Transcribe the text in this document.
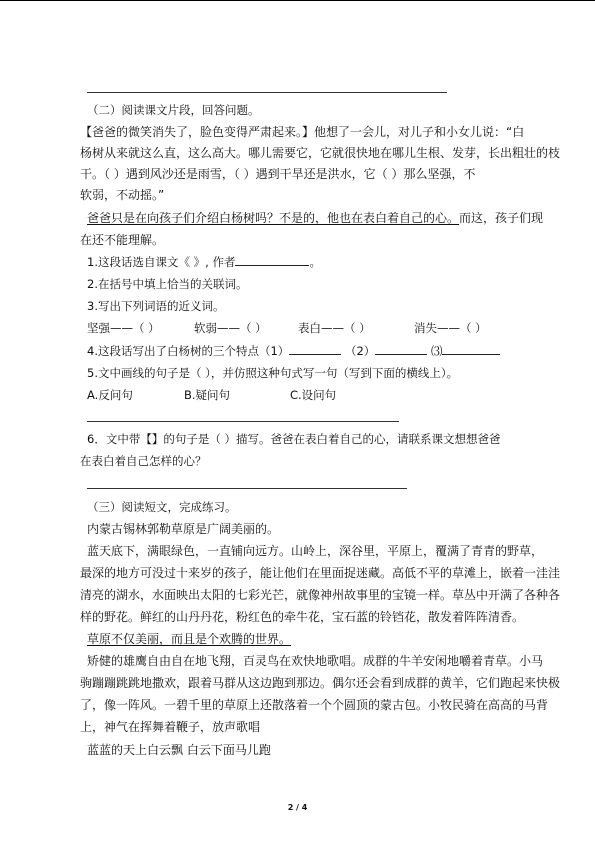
（二）阅读课文片段，回答问题。
【爸爸的微笑消失了，脸色变得严肃起来。】他想了一会儿，对儿子和小女儿说：“白
杨树从来就这么直，这么高大。哪儿需要它，它就很快地在哪儿生根、发芽，长出粗壮的枝
干。（ ）遇到风沙还是雨雪，（ ）遇到干旱还是洪水，它（ ）那么坚强，不
软弱，不动摇。”
爸爸只是在向孩子们介绍白杨树吗？不是的，他也在表白着自己的心。而这，孩子们现
在还不能理解。
1.这段话选自课文《 》, 作者	。
2.在括号中填上恰当的关联词。
3.写出下列词语的近义词。
坚强——（ ）	软弱——（ ）	表白——（ ）	消失——（ ）
4.这段话写出了白杨树的三个特点（1）	（2）	⑶
5.文中画线的句子是（ ），并仿照这种句式写一句（写到下面的横线上）。
A.反问句	B.疑问句	C.设问句
6．文中带【】的句子是（ ）描写。爸爸在表白着自己的心，请联系课文想想爸爸
在表白着自己怎样的心？
（三）阅读短文，完成练习。
内蒙古锡林郭勒草原是广阔美丽的。
蓝天底下，满眼绿色，一直铺向远方。山岭上，深谷里，平原上，覆满了青青的野草，
最深的地方可没过十来岁的孩子，能让他们在里面捉迷藏。高低不平的草滩上，嵌着一洼洼
清亮的湖水，水面映出太阳的七彩光芒，就像神州故事里的宝镜一样。草丛中开满了各种各
样的野花。鲜红的山丹丹花，粉红色的牵牛花，宝石蓝的铃铛花，散发着阵阵清香。
草原不仅美丽，而且是个欢腾的世界。
矫健的雄鹰自由自在地飞翔，百灵鸟在欢快地歌唱。成群的牛羊安闲地嚼着青草。小马
驹蹦蹦跳跳地撒欢，跟着马群从这边跑到那边。偶尔还会看到成群的黄羊，它们跑起来快极
了，像一阵风。一碧千里的草原上还散落着一个个圆顶的蒙古包。小牧民骑在高高的马背
上，神气在挥舞着鞭子，放声歌唱
蓝蓝的天上白云飘 白云下面马儿跑
2 / 4
